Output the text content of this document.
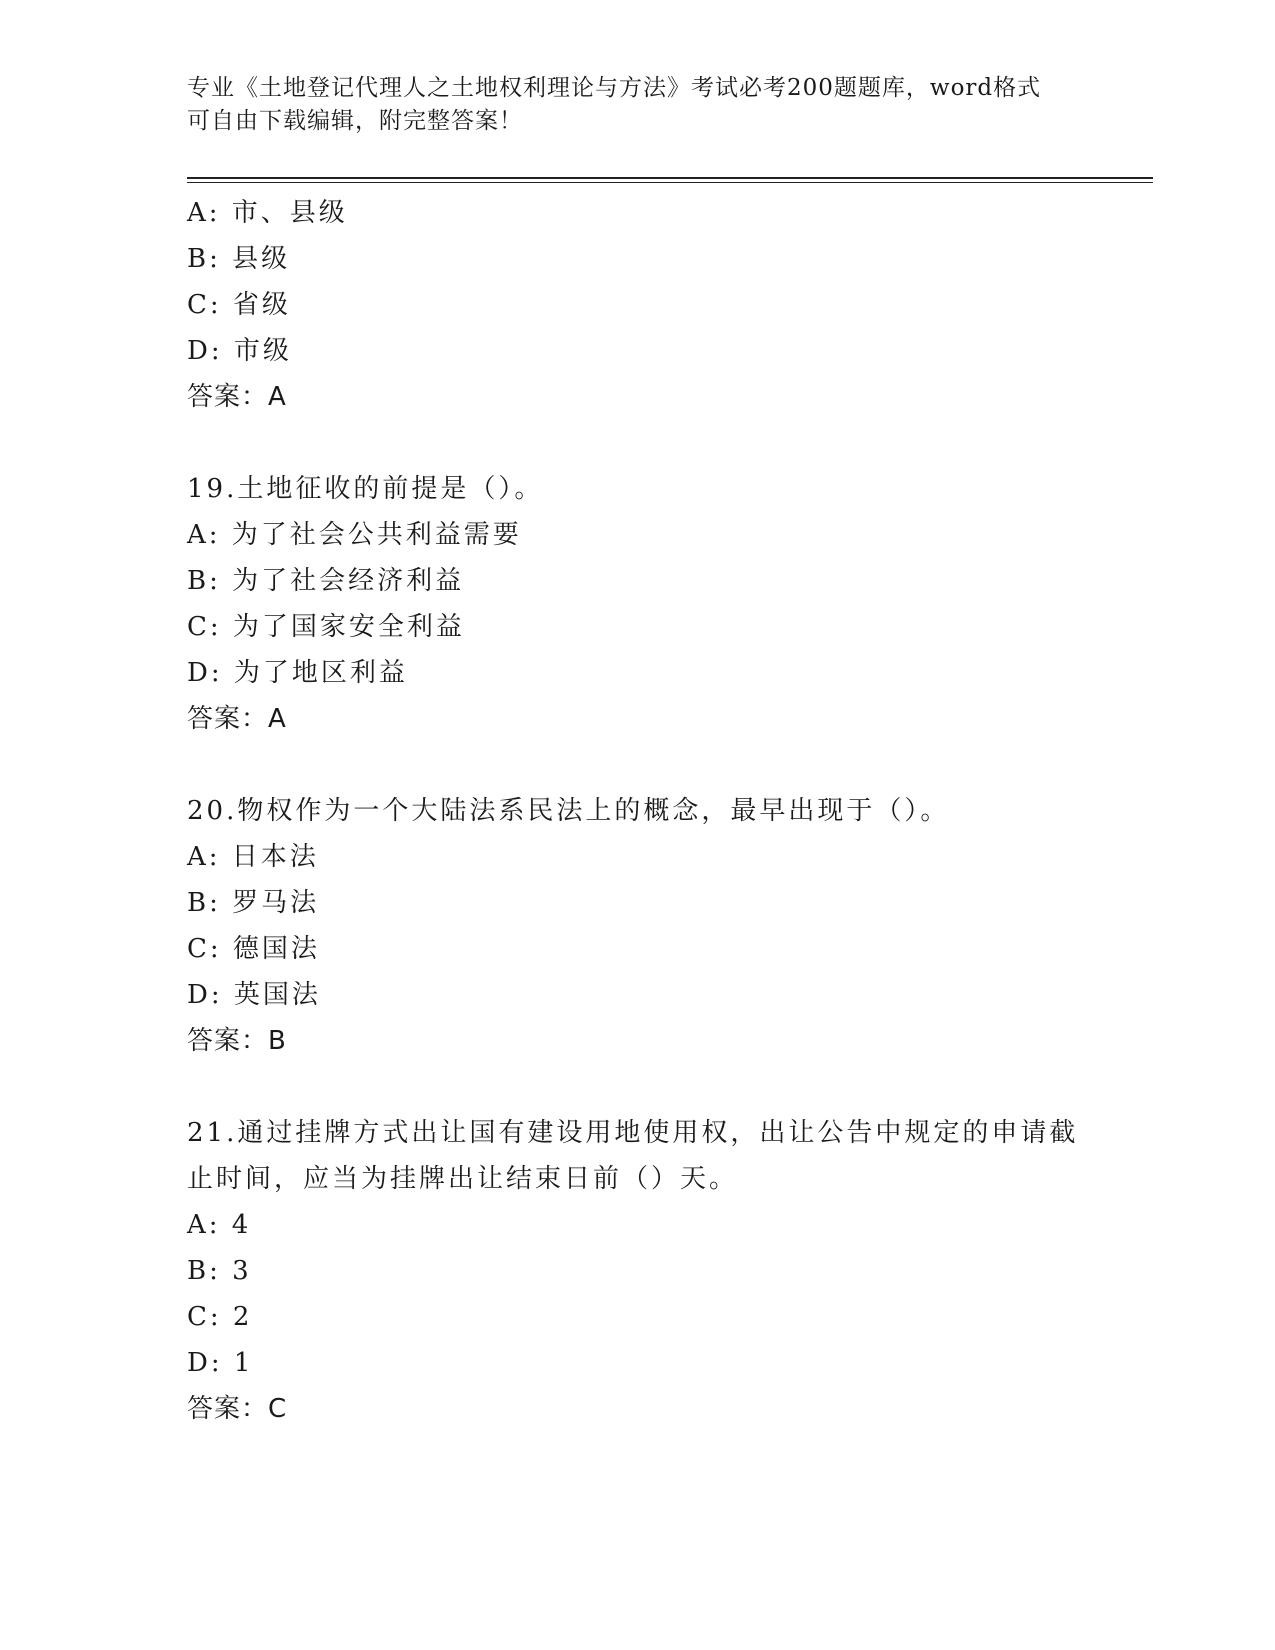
专业《土地登记代理人之土地权利理论与方法》考试必考200题题库，word格式
可自由下载编辑，附完整答案！
A: 市、县级
B: 县级
C: 省级
D: 市级
答案：A
19.土地征收的前提是（）。
A: 为了社会公共利益需要
B: 为了社会经济利益
C: 为了国家安全利益
D: 为了地区利益
答案：A
20.物权作为一个大陆法系民法上的概念，最早出现于（）。
A: 日本法
B: 罗马法
C: 德国法
D: 英国法
答案：B
21.通过挂牌方式出让国有建设用地使用权，出让公告中规定的申请截
止时间，应当为挂牌出让结束日前（）天。
A: 4
B: 3
C: 2
D: 1
答案：C
